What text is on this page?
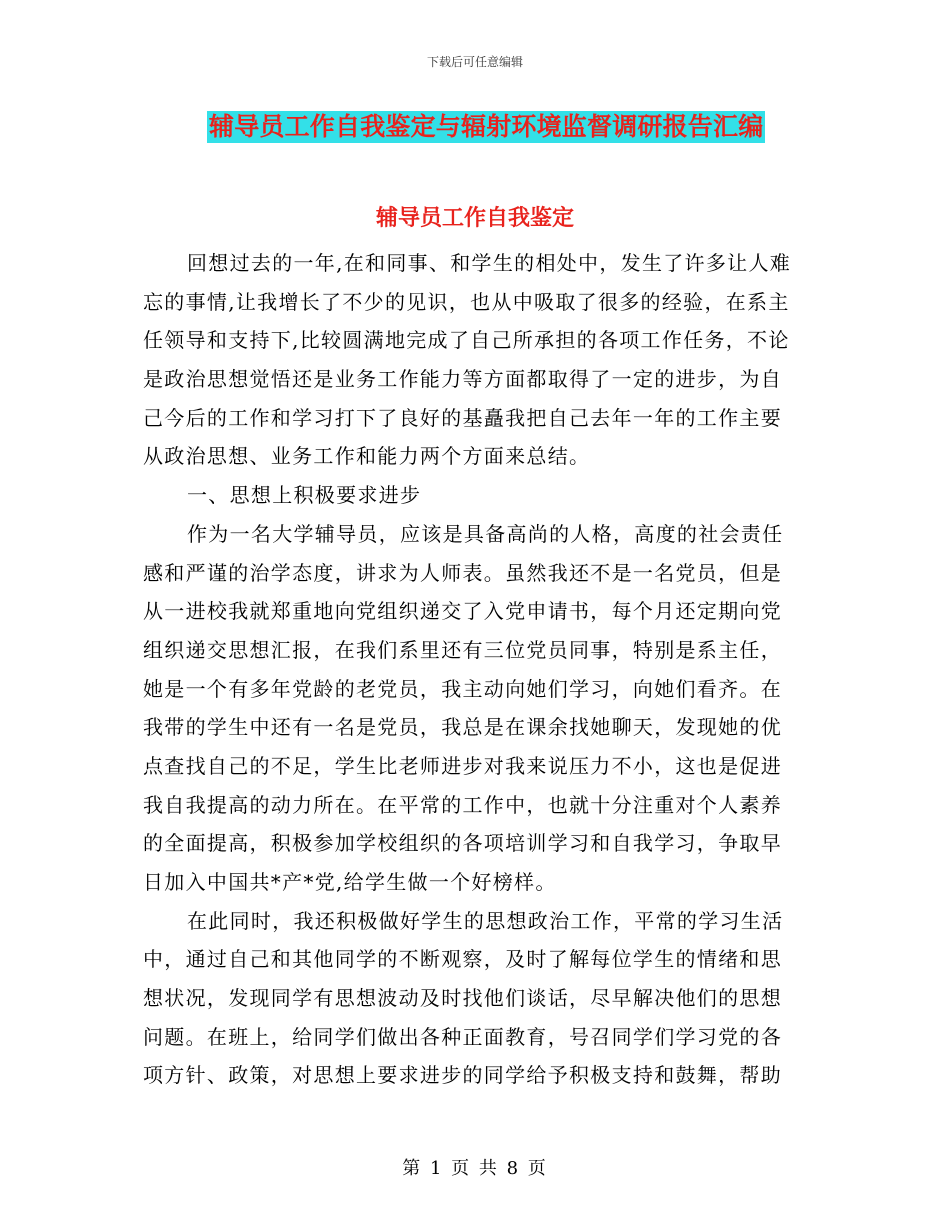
下载后可任意编辑
辅导员工作自我鉴定与辐射环境监督调研报告汇编
辅导员工作自我鉴定
回想过去的一年,在和同事、和学生的相处中，发生了许多让人难
忘的事情,让我增长了不少的见识，也从中吸取了很多的经验，在系主
任领导和支持下,比较圆满地完成了自己所承担的各项工作任务，不论
是政治思想觉悟还是业务工作能力等方面都取得了一定的进步，为自
己今后的工作和学习打下了良好的基矗我把自己去年一年的工作主要
从政治思想、业务工作和能力两个方面来总结。
一、思想上积极要求进步
作为一名大学辅导员，应该是具备高尚的人格，高度的社会责任
感和严谨的治学态度，讲求为人师表。虽然我还不是一名党员，但是
从一进校我就郑重地向党组织递交了入党申请书，每个月还定期向党
组织递交思想汇报，在我们系里还有三位党员同事，特别是系主任，
她是一个有多年党龄的老党员，我主动向她们学习，向她们看齐。在
我带的学生中还有一名是党员，我总是在课余找她聊天，发现她的优
点查找自己的不足，学生比老师进步对我来说压力不小，这也是促进
我自我提高的动力所在。在平常的工作中，也就十分注重对个人素养
的全面提高，积极参加学校组织的各项培训学习和自我学习，争取早
日加入中国共*产*党,给学生做一个好榜样。
在此同时，我还积极做好学生的思想政治工作，平常的学习生活
中，通过自己和其他同学的不断观察，及时了解每位学生的情绪和思
想状况，发现同学有思想波动及时找他们谈话，尽早解决他们的思想
问题。在班上，给同学们做出各种正面教育，号召同学们学习党的各
项方针、政策，对思想上要求进步的同学给予积极支持和鼓舞，帮助
第 1 页 共 8 页
